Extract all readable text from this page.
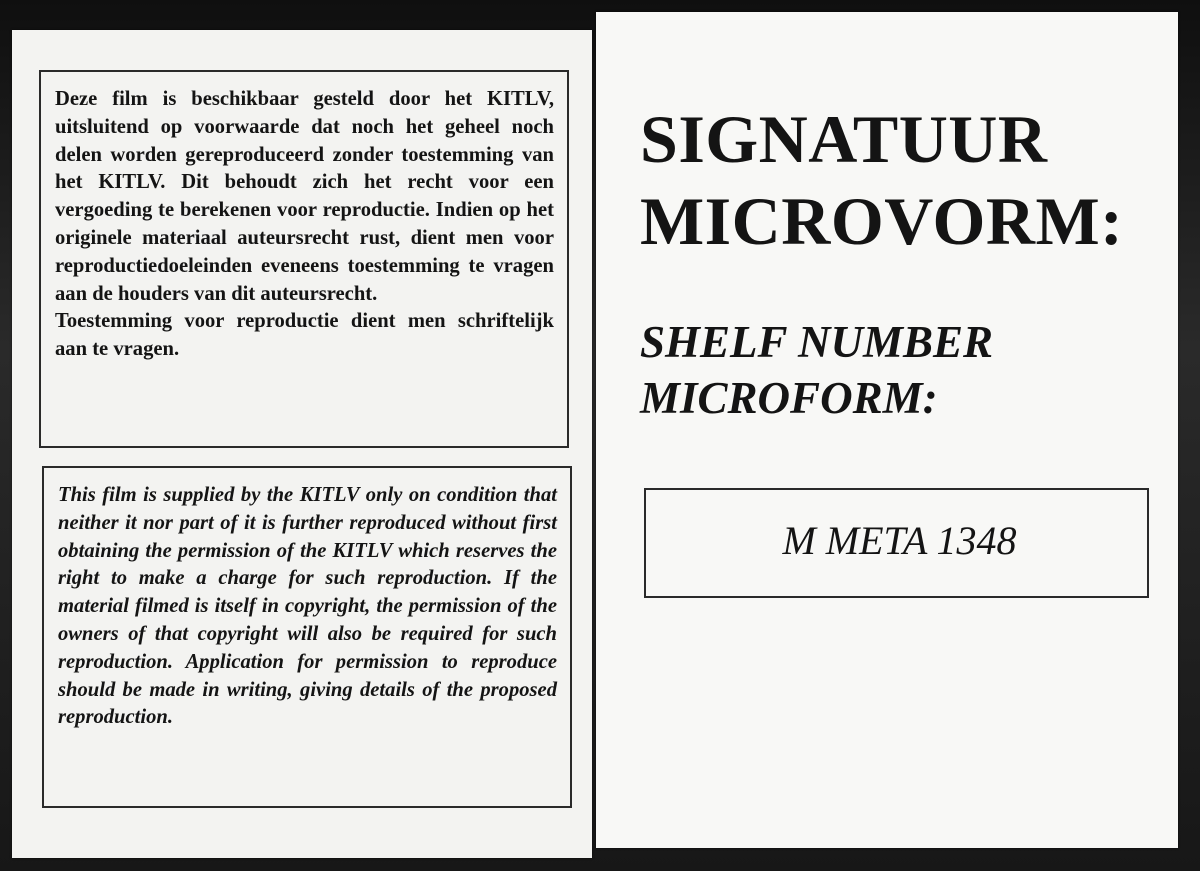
Deze film is beschikbaar gesteld door het KITLV, uitsluitend op voorwaarde dat noch het geheel noch delen worden gereproduceerd zonder toestemming van het KITLV. Dit behoudt zich het recht voor een vergoeding te berekenen voor reproductie. Indien op het originele materiaal auteursrecht rust, dient men voor reproductiedoeleinden eveneens toestemming te vragen aan de houders van dit auteursrecht.
Toestemming voor reproductie dient men schriftelijk aan te vragen.

This film is supplied by the KITLV only on condition that neither it nor part of it is further reproduced without first obtaining the permission of the KITLV which reserves the right to make a charge for such reproduction. If the material filmed is itself in copyright, the permission of the owners of that copyright will also be required for such reproduction. Application for permission to reproduce should be made in writing, giving details of the proposed reproduction.

SIGNATUUR
MICROVORM:
SHELF NUMBER
MICROFORM:
M META 1348
